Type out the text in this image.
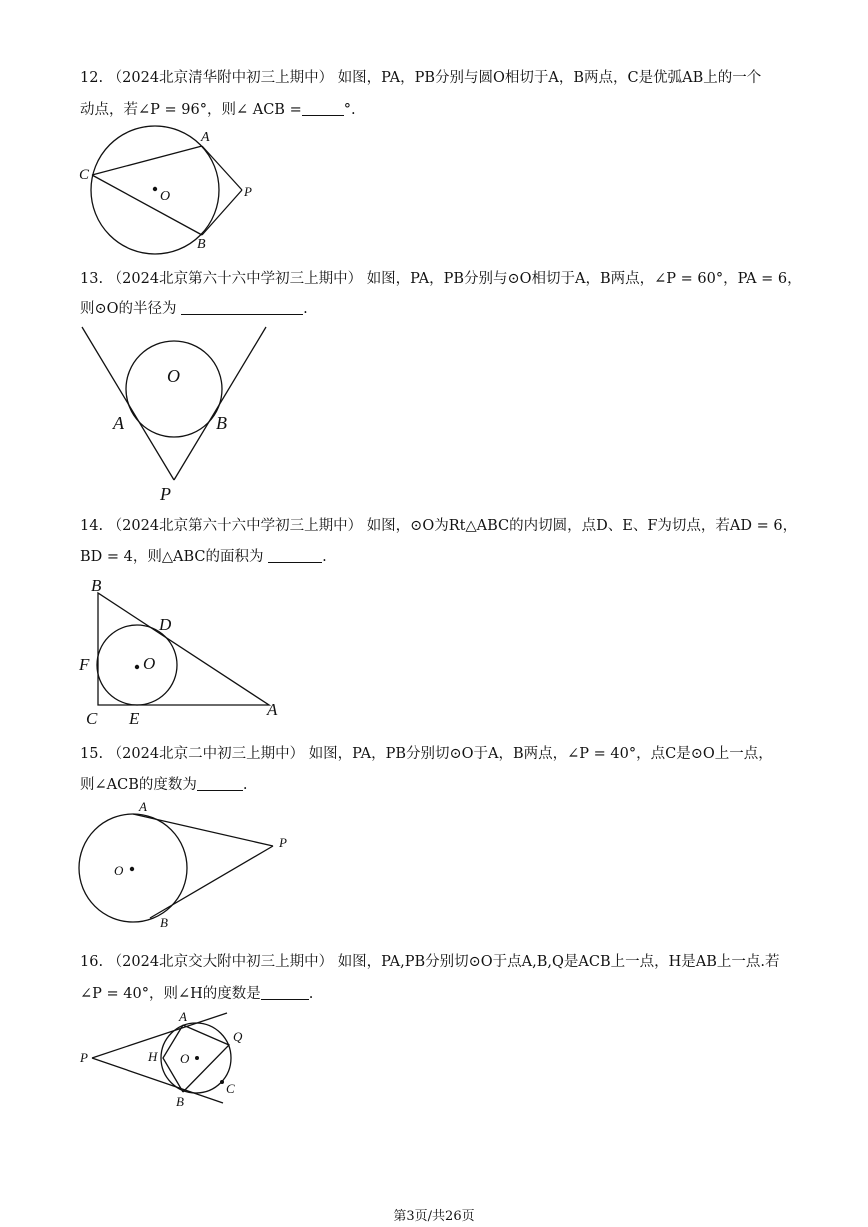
12. （2024北京清华附中初三上期中） 如图，PA，PB分别与圆O相切于A，B两点，C是优弧AB上的一个
动点，若∠P = 96°，则∠ ACB =	°.
A
B
C
O	P
13. （2024北京第六十六中学初三上期中） 如图，PA，PB分别与⊙O相切于A，B两点，∠P = 60°，PA = 6，
则⊙O的半径为	.
O
A	B
P
14. （2024北京第六十六中学初三上期中） 如图，⊙O为Rt△ABC的内切圆，点D、E、F为切点，若AD = 6，
BD = 4，则△ABC的面积为	.
B
D
F	O
C E	A
15. （2024北京二中初三上期中） 如图，PA，PB分别切⊙O于A，B两点，∠P = 40°，点C是⊙O上一点，
则∠ACB的度数为	.
A
P
O
B
16. （2024北京交大附中初三上期中） 如图，PA,PB分别切⊙O于点A,B,Q是ACB上一点，H是AB上一点.若
∠P = 40°，则∠H的度数是	.
A
Q
P	H O
C
B
第3页/共26页
